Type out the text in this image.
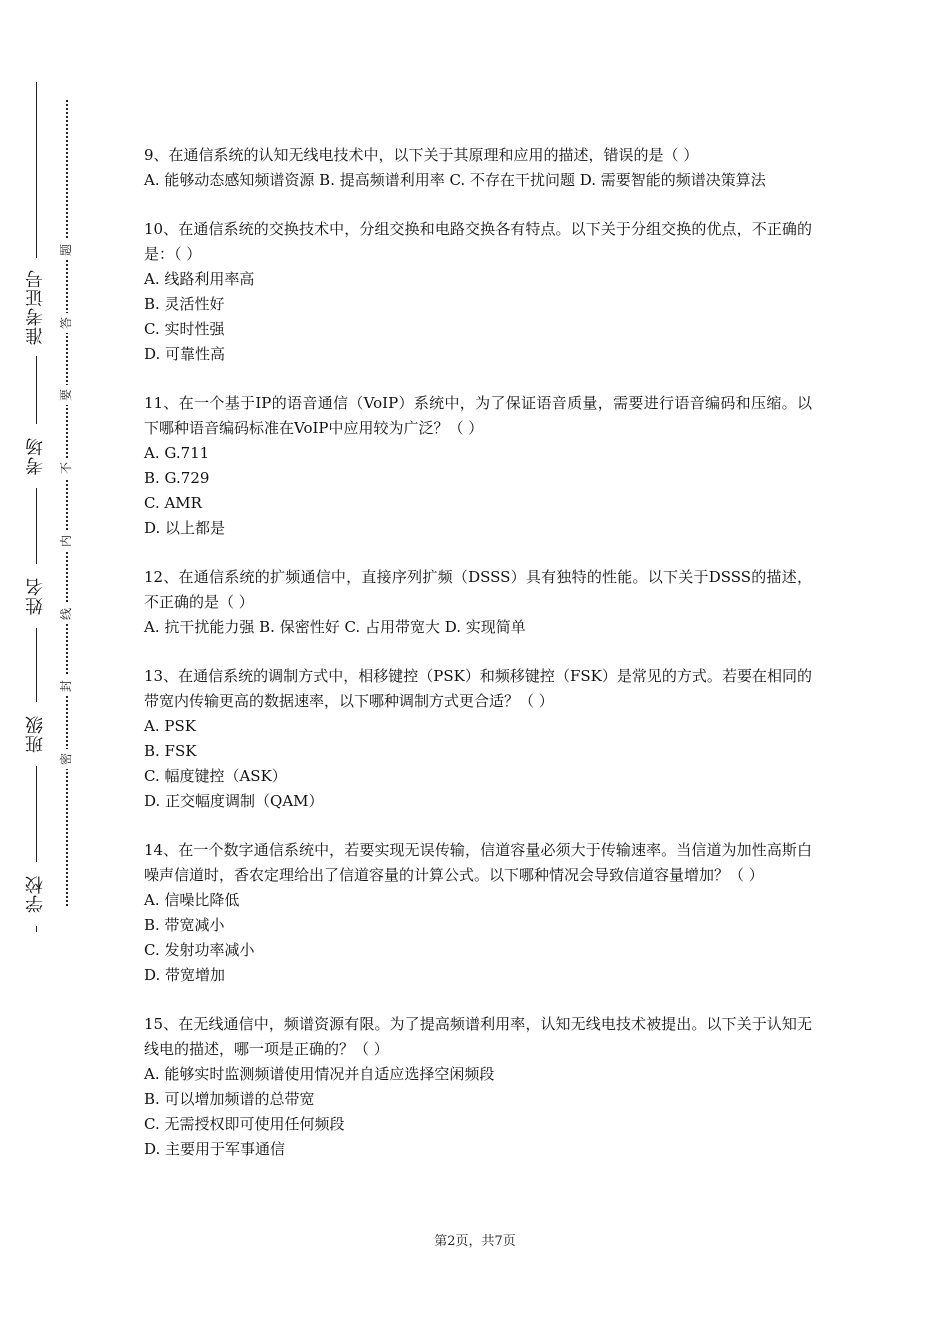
准考证号
考场
姓名
班级
学校
题
答
要
不
内
线
封
密

9、在通信系统的认知无线电技术中，以下关于其原理和应用的描述，错误的是（ ）

A. 能够动态感知频谱资源 B. 提高频谱利用率 C. 不存在干扰问题 D. 需要智能的频谱决策算法

10、在通信系统的交换技术中，分组交换和电路交换各有特点。以下关于分组交换的优点，不正确的是：（ ）

A. 线路利用率高

B. 灵活性好

C. 实时性强

D. 可靠性高

11、在一个基于IP的语音通信（VoIP）系统中，为了保证语音质量，需要进行语音编码和压缩。以下哪种语音编码标准在VoIP中应用较为广泛？（ ）

A. G.711

B. G.729

C. AMR

D. 以上都是

12、在通信系统的扩频通信中，直接序列扩频（DSSS）具有独特的性能。以下关于DSSS的描述，不正确的是（ ）

A. 抗干扰能力强 B. 保密性好 C. 占用带宽大 D. 实现简单

13、在通信系统的调制方式中，相移键控（PSK）和频移键控（FSK）是常见的方式。若要在相同的带宽内传输更高的数据速率，以下哪种调制方式更合适？（ ）

A. PSK

B. FSK

C. 幅度键控（ASK）

D. 正交幅度调制（QAM）

14、在一个数字通信系统中，若要实现无误传输，信道容量必须大于传输速率。当信道为加性高斯白噪声信道时，香农定理给出了信道容量的计算公式。以下哪种情况会导致信道容量增加？（ ）

A. 信噪比降低

B. 带宽减小

C. 发射功率减小

D. 带宽增加

15、在无线通信中，频谱资源有限。为了提高频谱利用率，认知无线电技术被提出。以下关于认知无线电的描述，哪一项是正确的？（ ）

A. 能够实时监测频谱使用情况并自适应选择空闲频段

B. 可以增加频谱的总带宽

C. 无需授权即可使用任何频段

D. 主要用于军事通信

第2页，共7页
